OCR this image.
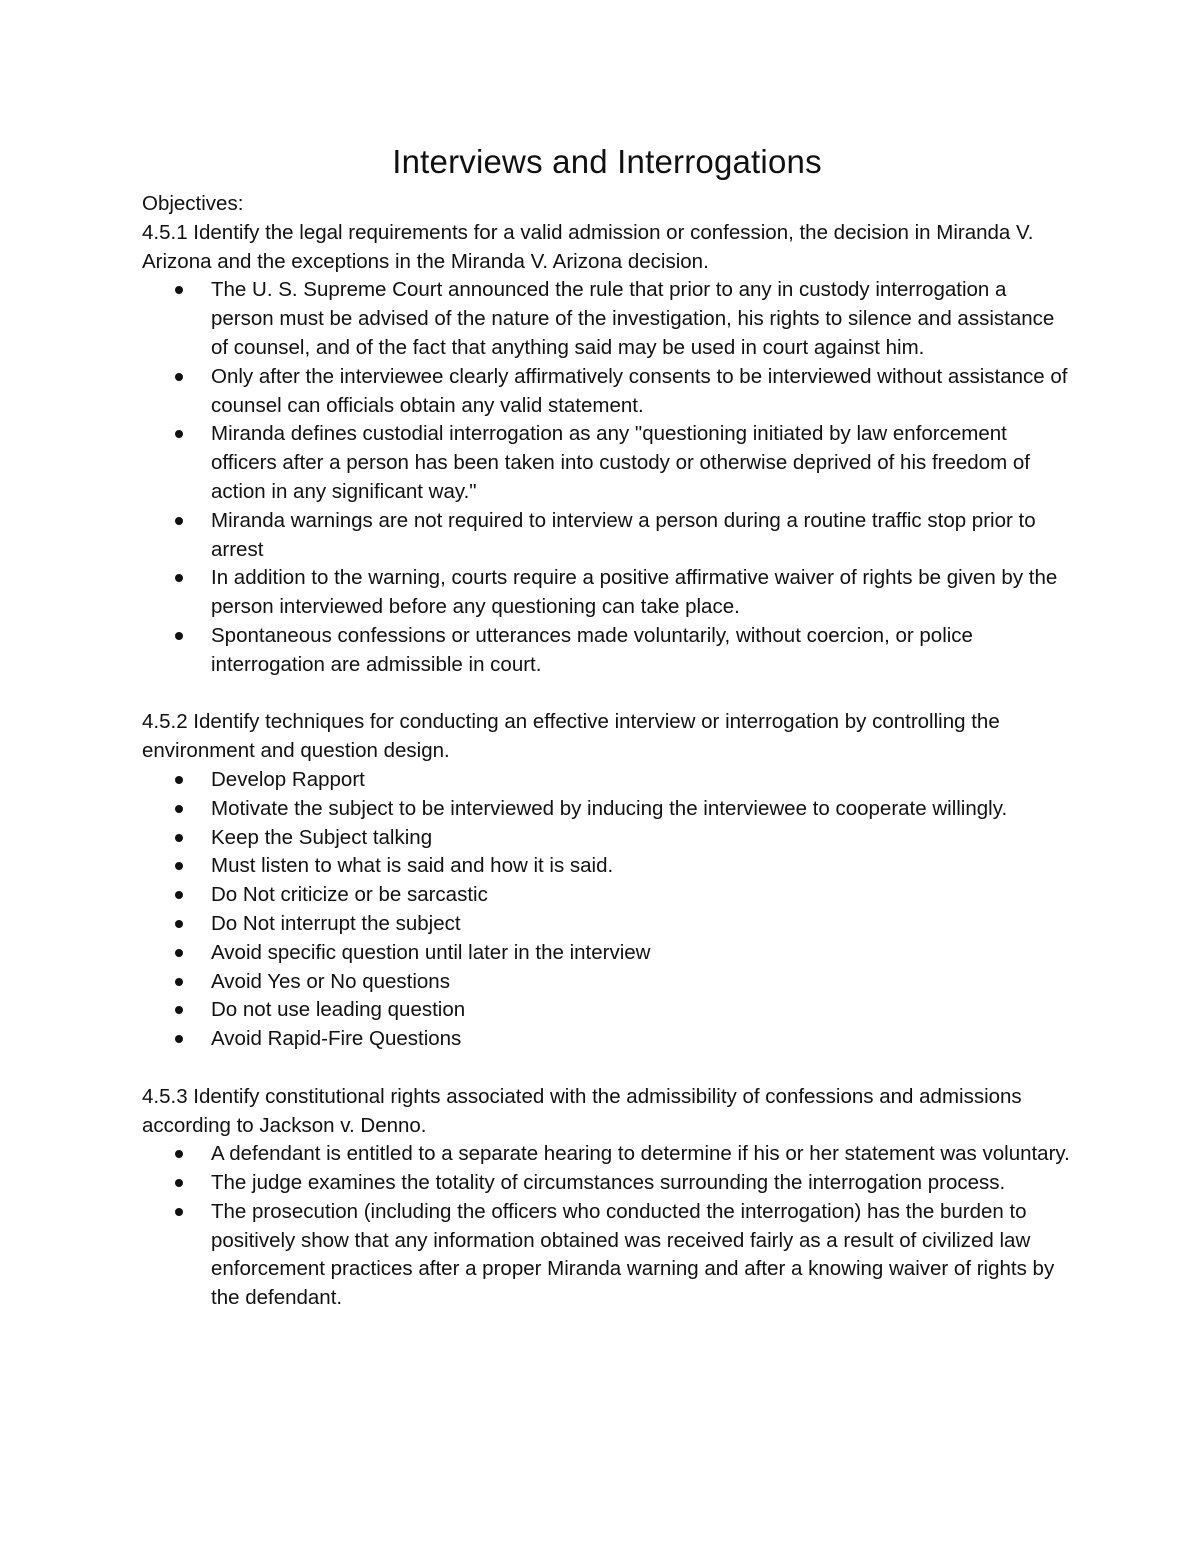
Interviews and Interrogations

Objectives:

4.5.1 Identify the legal requirements for a valid admission or confession, the decision in Miranda V. Arizona and the exceptions in the Miranda V. Arizona decision.

The U. S. Supreme Court announced the rule that prior to any in custody interrogation a person must be advised of the nature of the investigation, his rights to silence and assistance of counsel, and of the fact that anything said may be used in court against him.
Only after the interviewee clearly affirmatively consents to be interviewed without assistance of counsel can officials obtain any valid statement.
Miranda defines custodial interrogation as any "questioning initiated by law enforcement officers after a person has been taken into custody or otherwise deprived of his freedom of action in any significant way."
Miranda warnings are not required to interview a person during a routine traffic stop prior to arrest
In addition to the warning, courts require a positive affirmative waiver of rights be given by the person interviewed before any questioning can take place.
Spontaneous confessions or utterances made voluntarily, without coercion, or police interrogation are admissible in court.

4.5.2 Identify techniques for conducting an effective interview or interrogation by controlling the environment and question design.

Develop Rapport
Motivate the subject to be interviewed by inducing the interviewee to cooperate willingly.
Keep the Subject talking
Must listen to what is said and how it is said.
Do Not criticize or be sarcastic
Do Not interrupt the subject
Avoid specific question until later in the interview
Avoid Yes or No questions
Do not use leading question
Avoid Rapid-Fire Questions

4.5.3 Identify constitutional rights associated with the admissibility of confessions and admissions according to Jackson v. Denno.

A defendant is entitled to a separate hearing to determine if his or her statement was voluntary.
The judge examines the totality of circumstances surrounding the interrogation process.
The prosecution (including the officers who conducted the interrogation) has the burden to positively show that any information obtained was received fairly as a result of civilized law enforcement practices after a proper Miranda warning and after a knowing waiver of rights by the defendant.
